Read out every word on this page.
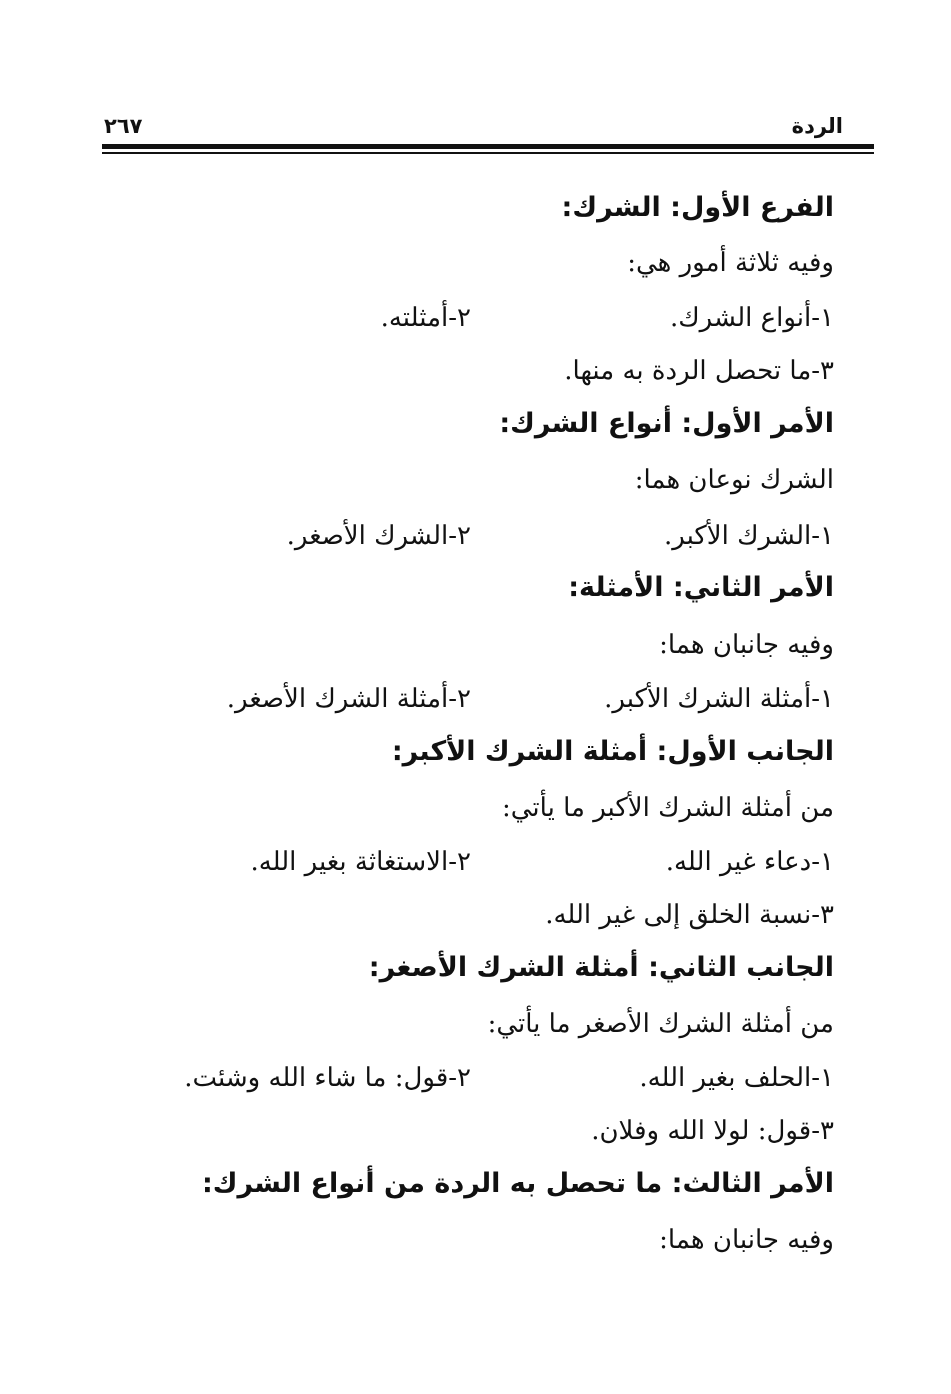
الردة
٢٦٧
الفرع الأول: الشرك:
وفيه ثلاثة أمور هي:
١-أنواع الشرك.
٢-أمثلته.
٣-ما تحصل الردة به منها.
الأمر الأول: أنواع الشرك:
الشرك نوعان هما:
١-الشرك الأكبر.
٢-الشرك الأصغر.
الأمر الثاني: الأمثلة:
وفيه جانبان هما:
١-أمثلة الشرك الأكبر.
٢-أمثلة الشرك الأصغر.
الجانب الأول: أمثلة الشرك الأكبر:
من أمثلة الشرك الأكبر ما يأتي:
١-دعاء غير الله.
٢-الاستغاثة بغير الله.
٣-نسبة الخلق إلى غير الله.
الجانب الثاني: أمثلة الشرك الأصغر:
من أمثلة الشرك الأصغر ما يأتي:
١-الحلف بغير الله.
٢-قول: ما شاء الله وشئت.
٣-قول: لولا الله وفلان.
الأمر الثالث: ما تحصل به الردة من أنواع الشرك:
وفيه جانبان هما:
